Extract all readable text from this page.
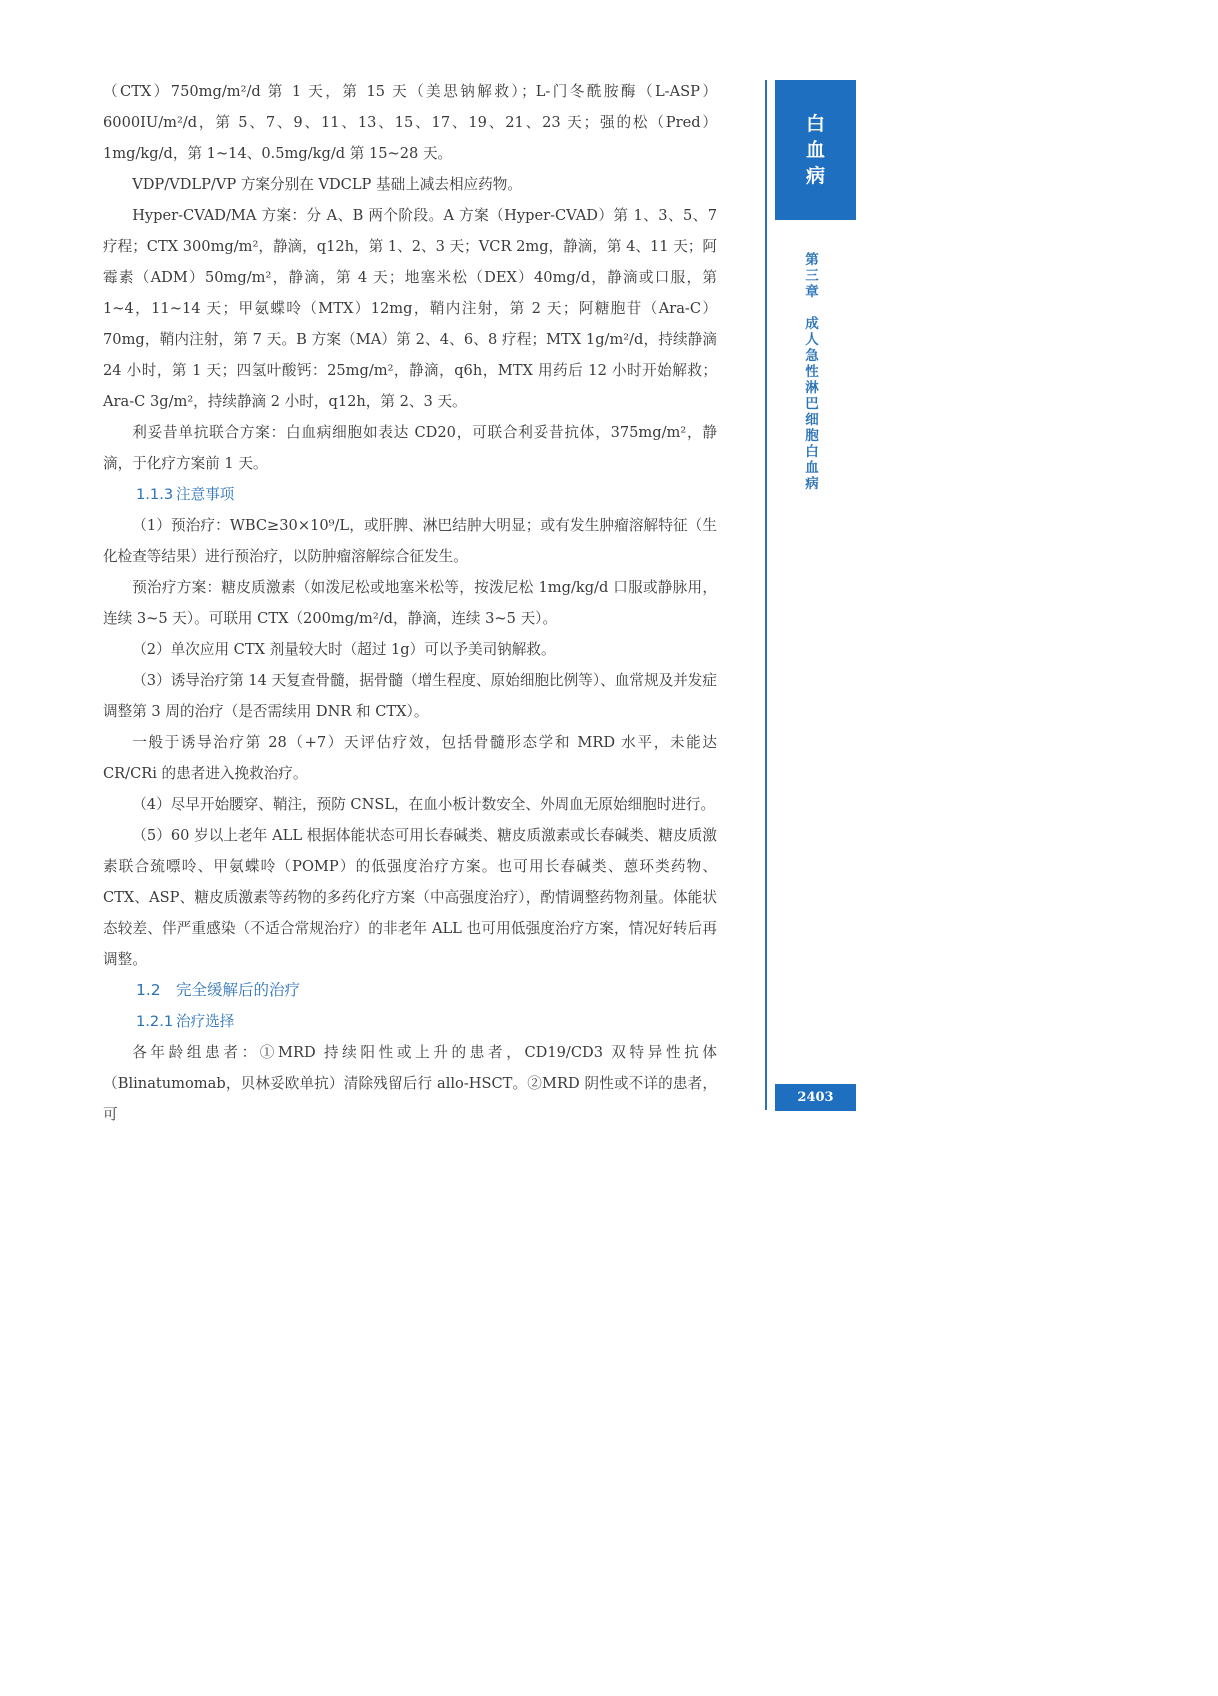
（CTX）750mg/m²/d 第 1 天，第 15 天（美思钠解救）；L-门冬酰胺酶（L-ASP）6000IU/m²/d，第 5、7、9、11、13、15、17、19、21、23 天；强的松（Pred）1mg/kg/d，第 1~14、0.5mg/kg/d 第 15~28 天。

VDP/VDLP/VP 方案分别在 VDCLP 基础上减去相应药物。

Hyper-CVAD/MA 方案：分 A、B 两个阶段。A 方案（Hyper-CVAD）第 1、3、5、7 疗程；CTX 300mg/m²，静滴，q12h，第 1、2、3 天；VCR 2mg，静滴，第 4、11 天；阿霉素（ADM）50mg/m²，静滴，第 4 天；地塞米松（DEX）40mg/d，静滴或口服，第 1~4，11~14 天；甲氨蝶呤（MTX）12mg，鞘内注射，第 2 天；阿糖胞苷（Ara-C）70mg，鞘内注射，第 7 天。B 方案（MA）第 2、4、6、8 疗程；MTX 1g/m²/d，持续静滴 24 小时，第 1 天；四氢叶酸钙：25mg/m²，静滴，q6h，MTX 用药后 12 小时开始解救；Ara-C 3g/m²，持续静滴 2 小时，q12h，第 2、3 天。

利妥昔单抗联合方案：白血病细胞如表达 CD20，可联合利妥昔抗体，375mg/m²，静滴，于化疗方案前 1 天。

1.1.3 注意事项

（1）预治疗：WBC≥30×10⁹/L，或肝脾、淋巴结肿大明显；或有发生肿瘤溶解特征（生化检查等结果）进行预治疗，以防肿瘤溶解综合征发生。

预治疗方案：糖皮质激素（如泼尼松或地塞米松等，按泼尼松 1mg/kg/d 口服或静脉用，连续 3~5 天）。可联用 CTX（200mg/m²/d，静滴，连续 3~5 天）。

（2）单次应用 CTX 剂量较大时（超过 1g）可以予美司钠解救。

（3）诱导治疗第 14 天复查骨髓，据骨髓（增生程度、原始细胞比例等）、血常规及并发症调整第 3 周的治疗（是否需续用 DNR 和 CTX）。

一般于诱导治疗第 28（+7）天评估疗效，包括骨髓形态学和 MRD 水平，未能达 CR/CRi 的患者进入挽救治疗。

（4）尽早开始腰穿、鞘注，预防 CNSL，在血小板计数安全、外周血无原始细胞时进行。

（5）60 岁以上老年 ALL 根据体能状态可用长春碱类、糖皮质激素或长春碱类、糖皮质激素联合巯嘌呤、甲氨蝶呤（POMP）的低强度治疗方案。也可用长春碱类、蒽环类药物、CTX、ASP、糖皮质激素等药物的多药化疗方案（中高强度治疗），酌情调整药物剂量。体能状态较差、伴严重感染（不适合常规治疗）的非老年 ALL 也可用低强度治疗方案，情况好转后再调整。

1.2 完全缓解后的治疗
1.2.1 治疗选择

各年龄组患者：①MRD 持续阳性或上升的患者，CD19/CD3 双特异性抗体（Blinatumomab，贝林妥欧单抗）清除残留后行 allo-HSCT。②MRD 阴性或不详的患者，可

白
血
病
第
三
章
成
人
急
性
淋
巴
细
胞
白
血
病
2403
